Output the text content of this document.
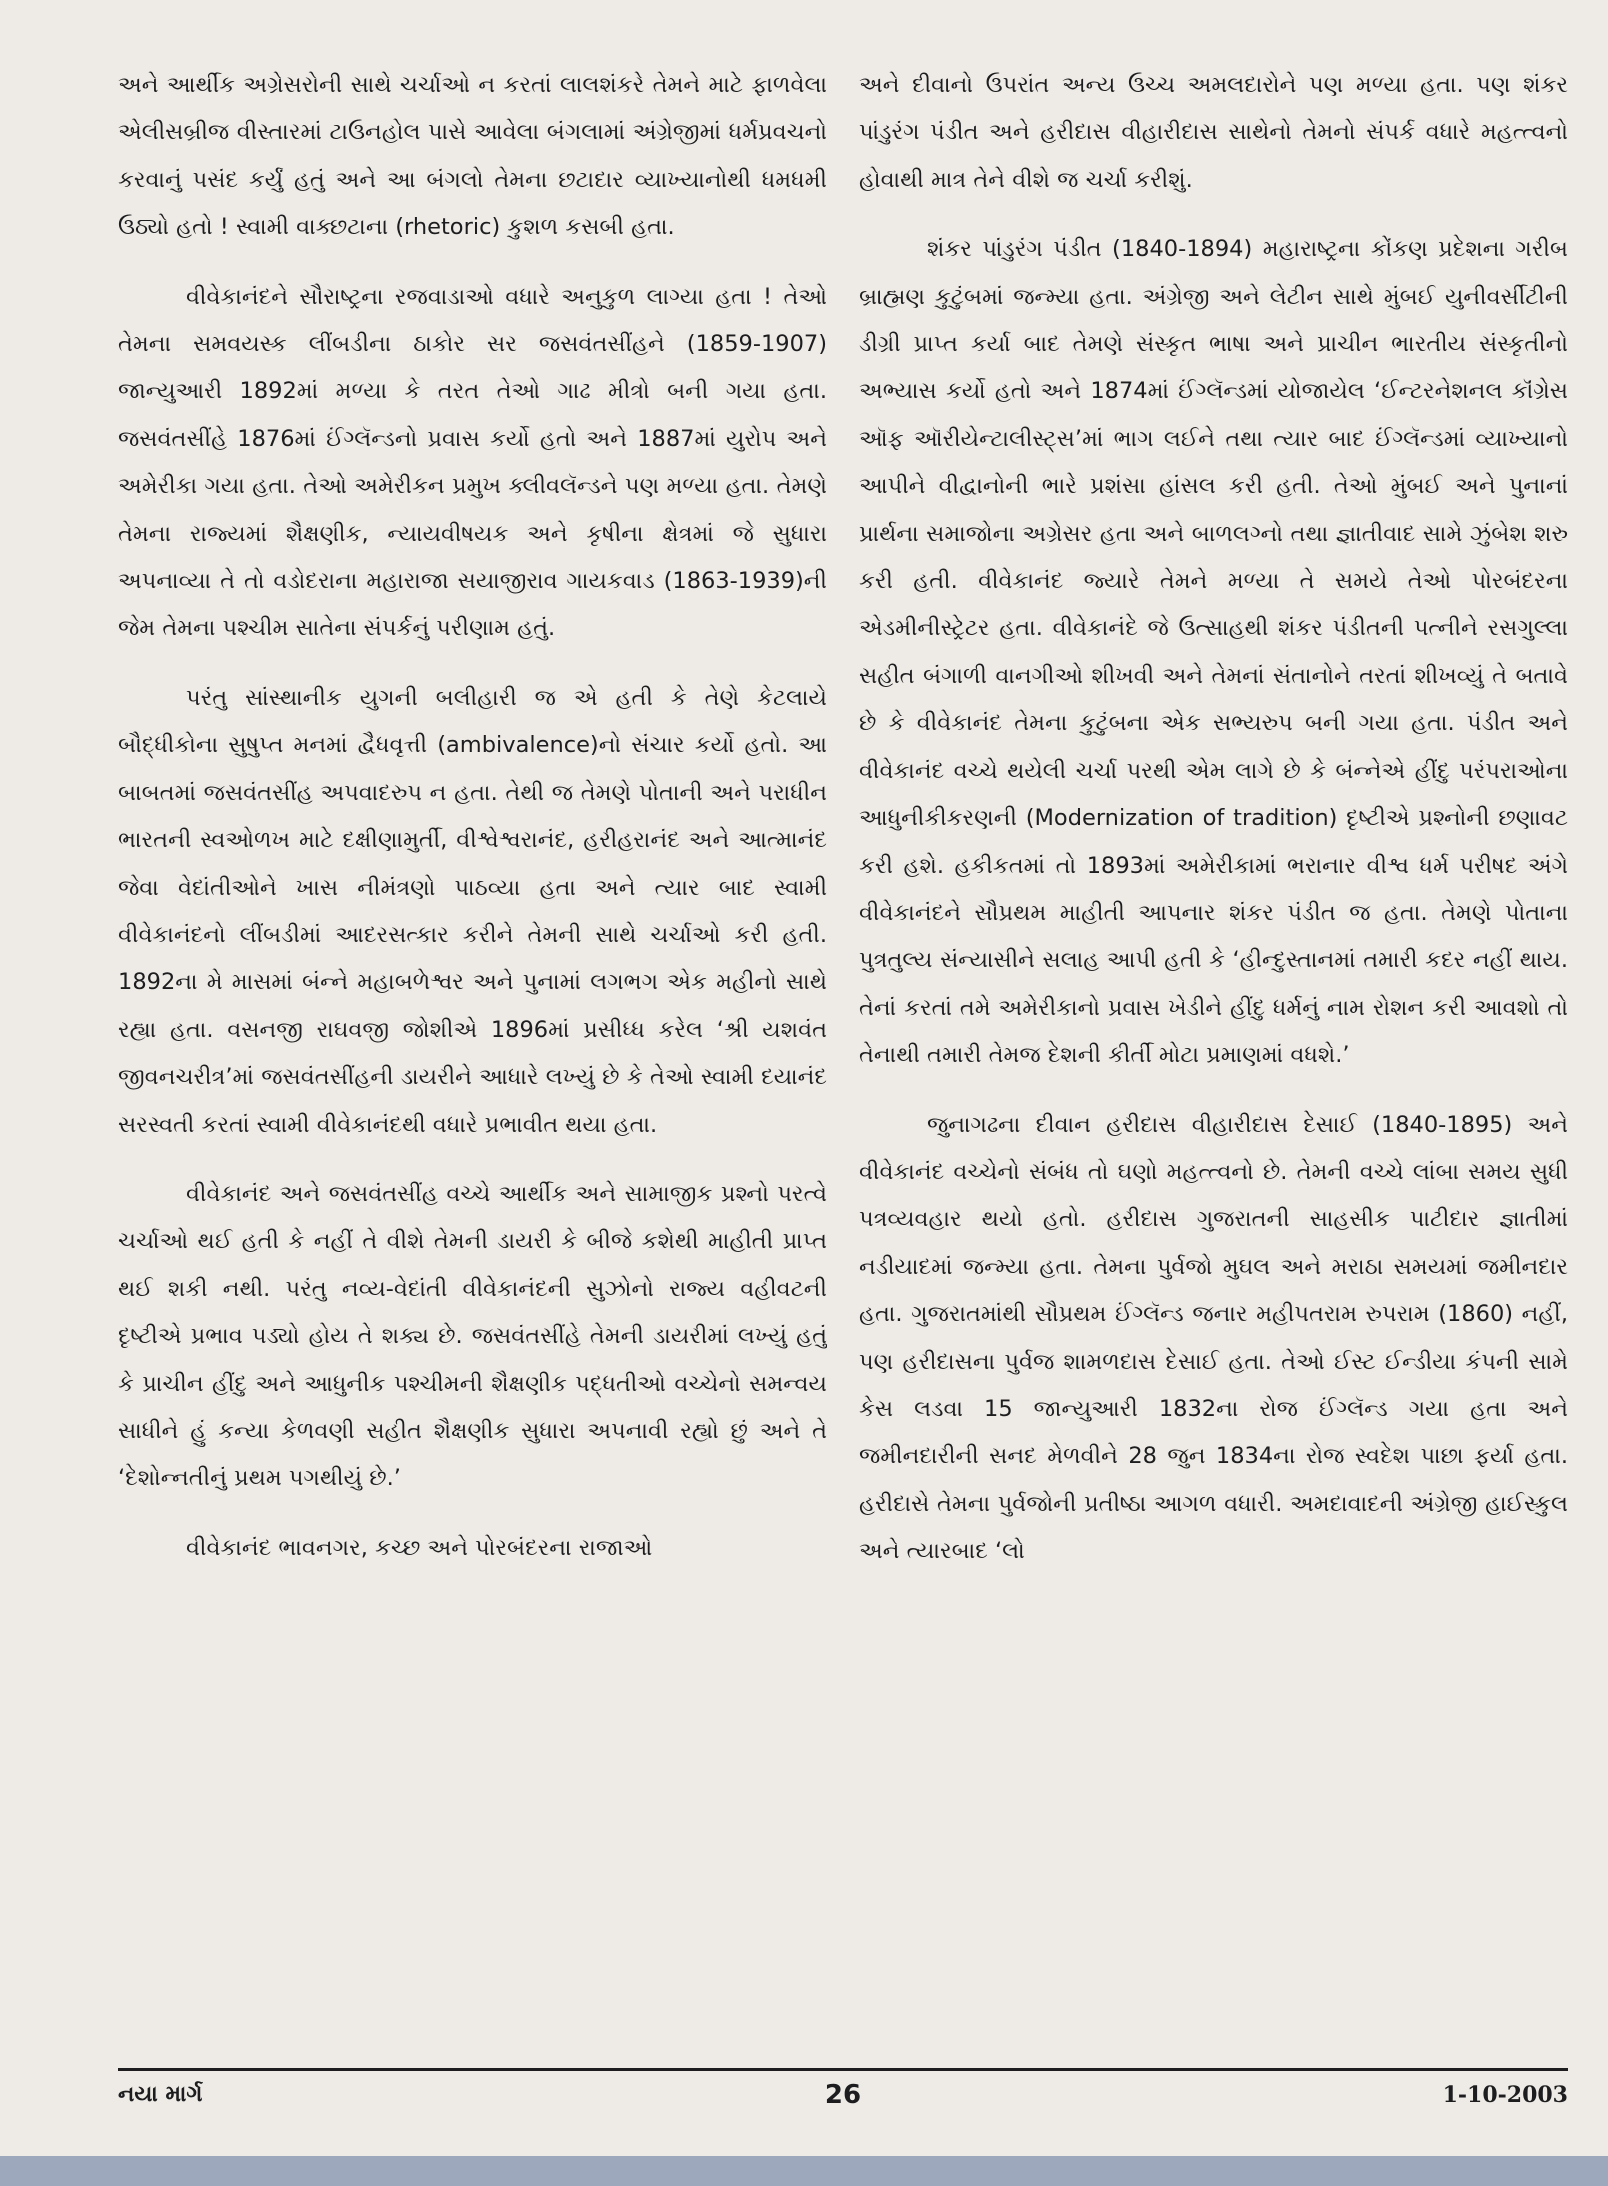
અને આર્થીક અગ્રેસરોની સાથે ચર્ચાઓ ન કરતાં લાલશંકરે તેમને માટે ફાળવેલા એલીસબ્રીજ વીસ્તારમાં ટાઉનહોલ પાસે આવેલા બંગલામાં અંગ્રેજીમાં ધર્મપ્રવચનો કરવાનું પસંદ કર્યું હતું અને આ બંગલો તેમના છટાદાર વ્યાખ્યાનોથી ધમધમી ઉઠ્યો હતો ! સ્વામી વાક્છટાના (rhetoric) કુશળ કસબી હતા.

વીવેકાનંદને સૌરાષ્ટ્રના રજવાડાઓ વધારે અનુકુળ લાગ્યા હતા ! તેઓ તેમના સમવયસ્ક લીંબડીના ઠાકોર સર જસવંતસીંહને (1859-1907) જાન્યુઆરી 1892માં મળ્યા કે તરત તેઓ ગાઢ મીત્રો બની ગયા હતા. જસવંતસીંહે 1876માં ઈંગ્લૅન્ડનો પ્રવાસ કર્યો હતો અને 1887માં યુરોપ અને અમેરીકા ગયા હતા. તેઓ અમેરીકન પ્રમુખ ક્લીવલૅન્ડને પણ મળ્યા હતા. તેમણે તેમના રાજ્યમાં શૈક્ષણીક, ન્યાયવીષયક અને કૃષીના ક્ષેત્રમાં જે સુધારા અપનાવ્યા તે તો વડોદરાના મહારાજા સયાજીરાવ ગાયકવાડ (1863-1939)ની જેમ તેમના પશ્ચીમ સાતેના સંપર્કનું પરીણામ હતું.

પરંતુ સાંસ્થાનીક યુગની બલીહારી જ એ હતી કે તેણે કેટલાયે બૌદ્ધીકોના સુષુપ્ત મનમાં દ્વૈધવૃત્તી (ambivalence)નો સંચાર કર્યો હતો. આ બાબતમાં જસવંતસીંહ અપવાદરુપ ન હતા. તેથી જ તેમણે પોતાની અને પરાધીન ભારતની સ્વઓળખ માટે દક્ષીણામુર્તી, વીશ્વેશ્વરાનંદ, હરીહરાનંદ અને આત્માનંદ જેવા વેદાંતીઓને ખાસ નીમંત્રણો પાઠવ્યા હતા અને ત્યાર બાદ સ્વામી વીવેકાનંદનો લીંબડીમાં આદરસત્કાર કરીને તેમની સાથે ચર્ચાઓ કરી હતી. 1892ના મે માસમાં બંન્ને મહાબળેશ્વર અને પુનામાં લગભગ એક મહીનો સાથે રહ્યા હતા. વસનજી રાઘવજી જોશીએ 1896માં પ્રસીધ્ધ કરેલ ‘શ્રી યશવંત જીવનચરીત્ર’માં જસવંતસીંહની ડાયરીને આધારે લખ્યું છે કે તેઓ સ્વામી દયાનંદ સરસ્વતી કરતાં સ્વામી વીવેકાનંદથી વધારે પ્રભાવીત થયા હતા.

વીવેકાનંદ અને જસવંતસીંહ વચ્ચે આર્થીક અને સામાજીક પ્રશ્નો પરત્વે ચર્ચાઓ થઈ હતી કે નહીં તે વીશે તેમની ડાયરી કે બીજે કશેથી માહીતી પ્રાપ્ત થઈ શકી નથી. પરંતુ નવ્ય-વેદાંતી વીવેકાનંદની સુઝોનો રાજ્ય વહીવટની દૃષ્ટીએ પ્રભાવ પડ્યો હોય તે શક્ય છે. જસવંતસીંહે તેમની ડાયરીમાં લખ્યું હતું કે પ્રાચીન હીંદુ અને આધુનીક પશ્ચીમની શૈક્ષણીક પદ્ધતીઓ વચ્ચેનો સમન્વય સાધીને હું કન્યા કેળવણી સહીત શૈક્ષણીક સુધારા અપનાવી રહ્યો છું અને તે ‘દેશોન્નતીનું પ્રથમ પગથીયું છે.’

વીવેકાનંદ ભાવનગર, કચ્છ અને પોરબંદરના રાજાઓ

અને દીવાનો ઉપરાંત અન્ય ઉચ્ચ અમલદારોને પણ મળ્યા હતા. પણ શંકર પાંડુરંગ પંડીત અને હરીદાસ વીહારીદાસ સાથેનો તેમનો સંપર્ક વધારે મહત્ત્વનો હોવાથી માત્ર તેને વીશે જ ચર્ચા કરીશું.

શંકર પાંડુરંગ પંડીત (1840-1894) મહારાષ્ટ્રના કોંકણ પ્રદેશના ગરીબ બ્રાહ્મણ કુટુંબમાં જન્મ્યા હતા. અંગ્રેજી અને લેટીન સાથે મુંબઈ યુનીવર્સીટીની ડીગ્રી પ્રાપ્ત કર્યા બાદ તેમણે સંસ્કૃત ભાષા અને પ્રાચીન ભારતીય સંસ્કૃતીનો અભ્યાસ કર્યો હતો અને 1874માં ઈંગ્લૅન્ડમાં યોજાયેલ ‘ઈન્ટરનેશનલ કૉંગ્રેસ ઑફ ઑરીયેન્ટાલીસ્ટ્સ’માં ભાગ લઈને તથા ત્યાર બાદ ઈંગ્લૅન્ડમાં વ્યાખ્યાનો આપીને વીદ્વાનોની ભારે પ્રશંસા હાંસલ કરી હતી. તેઓ મુંબઈ અને પુનાનાં પ્રાર્થના સમાજોના અગ્રેસર હતા અને બાળલગ્નો તથા જ્ઞાતીવાદ સામે ઝુંબેશ શરુ કરી હતી. વીવેકાનંદ જ્યારે તેમને મળ્યા તે સમયે તેઓ પોરબંદરના એડમીનીસ્ટ્રેટર હતા. વીવેકાનંદે જે ઉત્સાહથી શંકર પંડીતની પત્નીને રસગુલ્લા સહીત બંગાળી વાનગીઓ શીખવી અને તેમનાં સંતાનોને તરતાં શીખવ્યું તે બતાવે છે કે વીવેકાનંદ તેમના કુટુંબના એક સભ્યરુપ બની ગયા હતા. પંડીત અને વીવેકાનંદ વચ્ચે થયેલી ચર્ચા પરથી એમ લાગે છે કે બંન્નેએ હીંદુ પરંપરાઓના આધુનીકીકરણની (Modernization of tradition) દૃષ્ટીએ પ્રશ્નોની છણાવટ કરી હશે. હકીકતમાં તો 1893માં અમેરીકામાં ભરાનાર વીશ્વ ધર્મ પરીષદ અંગે વીવેકાનંદને સૌપ્રથમ માહીતી આપનાર શંકર પંડીત જ હતા. તેમણે પોતાના પુત્રતુલ્ય સંન્યાસીને સલાહ આપી હતી કે ‘હીન્દુસ્તાનમાં તમારી કદર નહીં થાય. તેનાં કરતાં તમે અમેરીકાનો પ્રવાસ ખેડીને હીંદુ ધર્મનું નામ રોશન કરી આવશો તો તેનાથી તમારી તેમજ દેશની કીર્તી મોટા પ્રમાણમાં વધશે.’

જુનાગઢના દીવાન હરીદાસ વીહારીદાસ દેસાઈ (1840-1895) અને વીવેકાનંદ વચ્ચેનો સંબંધ તો ઘણો મહત્ત્વનો છે. તેમની વચ્ચે લાંબા સમય સુધી પત્રવ્યવહાર થયો હતો. હરીદાસ ગુજરાતની સાહસીક પાટીદાર જ્ઞાતીમાં નડીયાદમાં જન્મ્યા હતા. તેમના પુર્વજો મુઘલ અને મરાઠા સમયમાં જમીનદાર હતા. ગુજરાતમાંથી સૌપ્રથમ ઈંગ્લૅન્ડ જનાર મહીપતરામ રુપરામ (1860) નહીં, પણ હરીદાસના પુર્વજ શામળદાસ દેસાઈ હતા. તેઓ ઈસ્ટ ઈન્ડીયા કંપની સામે કેસ લડવા 15 જાન્યુઆરી 1832ના રોજ ઈંગ્લૅન્ડ ગયા હતા અને જમીનદારીની સનદ મેળવીને 28 જુન 1834ના રોજ સ્વદેશ પાછા ફર્યા હતા. હરીદાસે તેમના પુર્વજોની પ્રતીષ્ઠા આગળ વધારી. અમદાવાદની અંગ્રેજી હાઈસ્કુલ અને ત્યારબાદ ‘લો

નયા માર્ગ	26	1-10-2003
